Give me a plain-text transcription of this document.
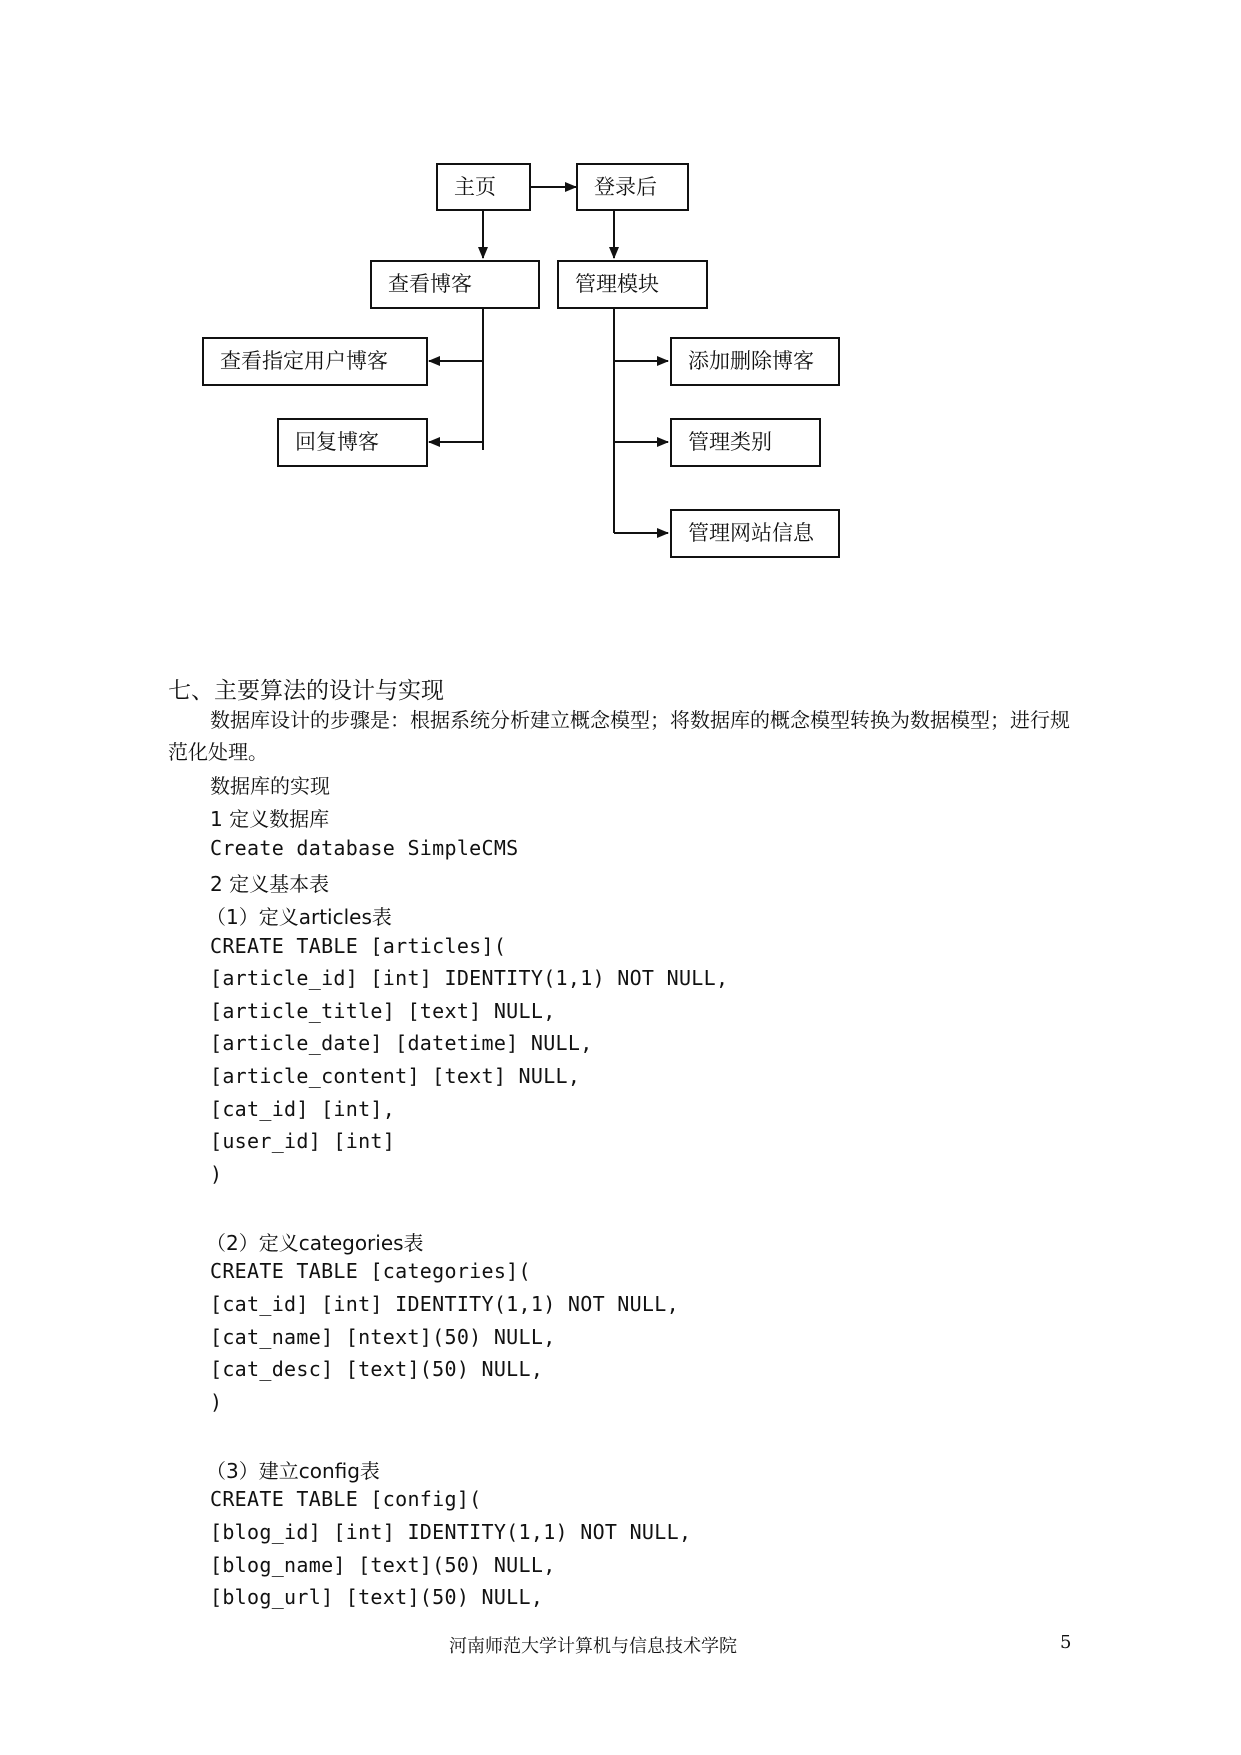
主页	登录后
查看博客	管理模块
查看指定用户博客
回复博客
添加删除博客
管理类别
管理网站信息
七、主要算法的设计与实现
数据库设计的步骤是：根据系统分析建立概念模型；将数据库的概念模型转换为数据模型；进行规范化处理。
数据库的实现
1 定义数据库
Create database SimpleCMS
2 定义基本表
（1）定义articles表
CREATE TABLE [articles](
[article_id] [int] IDENTITY(1,1) NOT NULL,
[article_title] [text] NULL,
[article_date] [datetime] NULL,
[article_content] [text] NULL,
[cat_id] [int],
[user_id] [int]
)
（2）定义categories表
CREATE TABLE [categories](
[cat_id] [int] IDENTITY(1,1) NOT NULL,
[cat_name] [ntext](50) NULL,
[cat_desc] [text](50) NULL,
)
（3）建立config表
CREATE TABLE [config](
[blog_id] [int] IDENTITY(1,1) NOT NULL,
[blog_name] [text](50) NULL,
[blog_url] [text](50) NULL,
河南师范大学计算机与信息技术学院	5
